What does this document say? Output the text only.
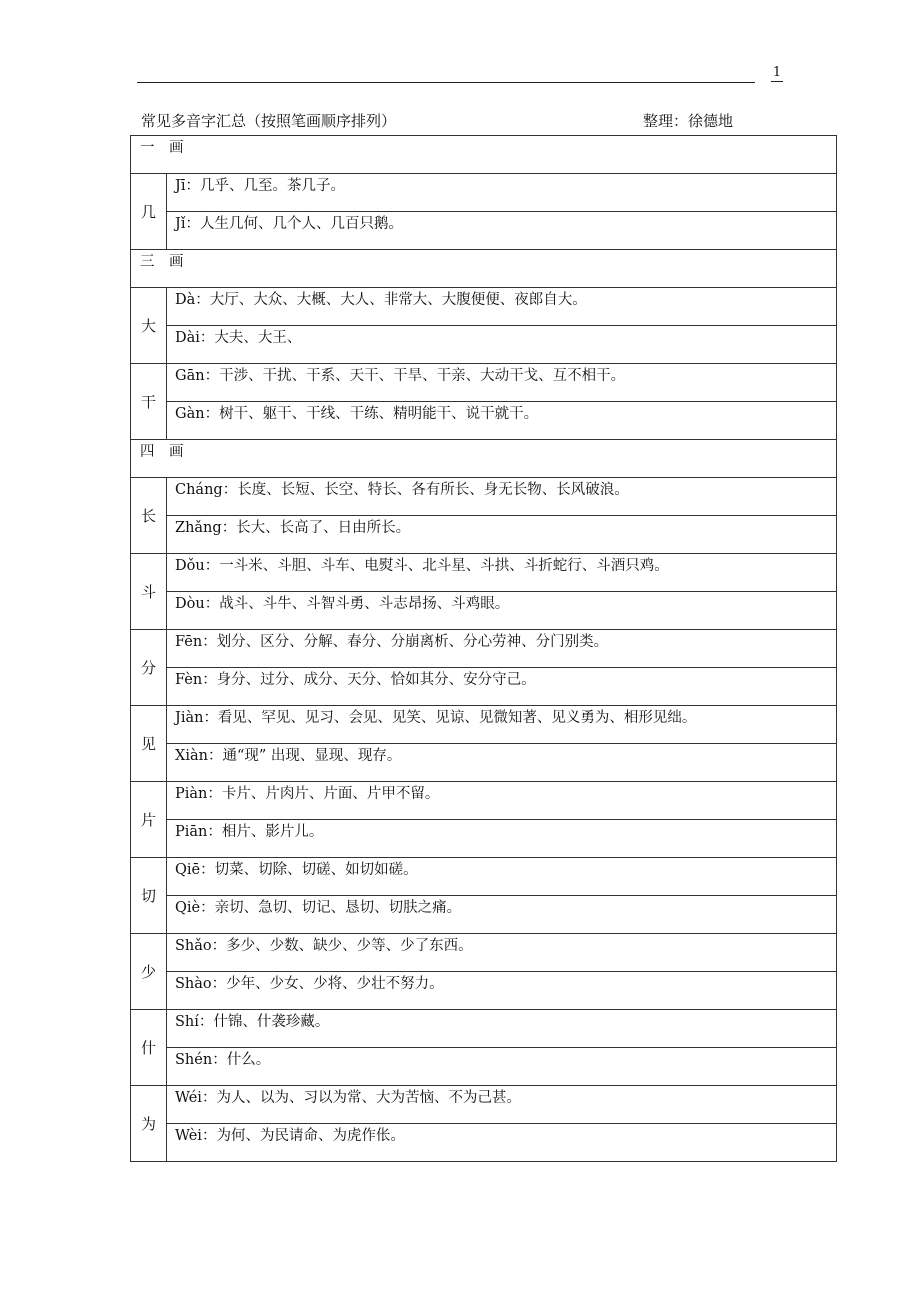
1
常见多音字汇总（按照笔画顺序排列）	整理：徐德地
一　画	
几	Jī：几乎、几至。茶几子。
	Jǐ：人生几何、几个人、几百只鹅。
三　画	
大	Dà：大厅、大众、大概、大人、非常大、大腹便便、夜郎自大。
	Dài：大夫、大王、
干	Gān：干涉、干扰、干系、天干、干旱、干亲、大动干戈、互不相干。
	Gàn：树干、躯干、干线、干练、精明能干、说干就干。
四　画	
长	Cháng：长度、长短、长空、特长、各有所长、身无长物、长风破浪。
	Zhǎng：长大、长高了、日由所长。
斗	Dǒu：一斗米、斗胆、斗车、电熨斗、北斗星、斗拱、斗折蛇行、斗酒只鸡。
	Dòu：战斗、斗牛、斗智斗勇、斗志昂扬、斗鸡眼。
分	Fēn：划分、区分、分解、春分、分崩离析、分心劳神、分门别类。
	Fèn：身分、过分、成分、天分、恰如其分、安分守己。
见	Jiàn：看见、罕见、见习、会见、见笑、见谅、见微知著、见义勇为、相形见绌。
	Xiàn：通“现” 出现、显现、现存。
片	Piàn：卡片、片肉片、片面、片甲不留。
	Piān：相片、影片儿。
切	Qiē：切菜、切除、切磋、如切如磋。
	Qiè：亲切、急切、切记、恳切、切肤之痛。
少	Shǎo：多少、少数、缺少、少等、少了东西。
	Shào：少年、少女、少将、少壮不努力。
什	Shí：什锦、什袭珍藏。
	Shén：什么。
为	Wéi：为人、以为、习以为常、大为苦恼、不为己甚。
	Wèi：为何、为民请命、为虎作伥。
